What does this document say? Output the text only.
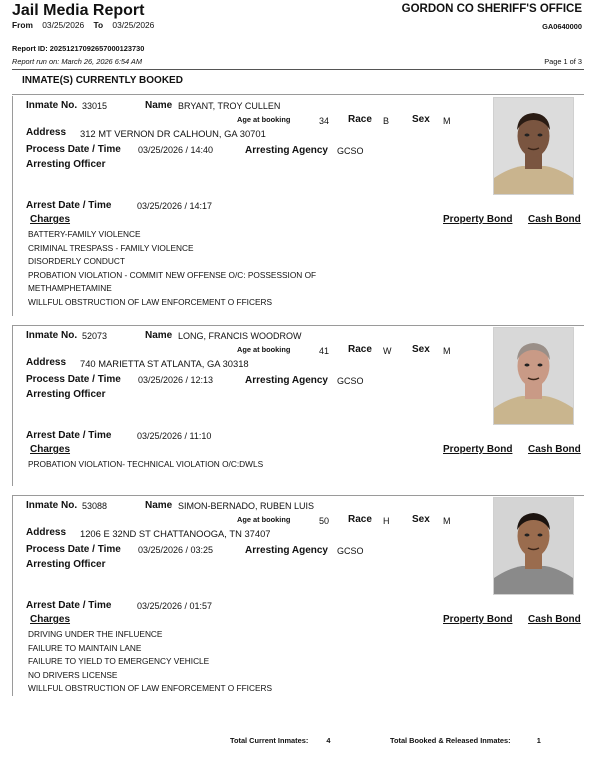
Jail Media Report	GORDON CO SHERIFF'S OFFICE
GA0640000
From 03/25/2026 To 03/25/2026
Report ID: 20251217092657000123730
Report run on: March 26, 2026 6:54 AM	Page 1 of 3
INMATE(S) CURRENTLY BOOKED
Inmate No. 33015	Name BRYANT, TROY CULLEN
Age at booking	34 Race B Sex M
Address 312 MT VERNON DR CALHOUN, GA 30701
Process Date / Time 03/25/2026 / 14:40	Arresting Agency GCSO
Arresting Officer
Arrest Date / Time	03/25/2026 / 14:17
Charges	Property Bond Cash Bond
BATTERY-FAMILY VIOLENCE
CRIMINAL TRESPASS - FAMILY VIOLENCE
DISORDERLY CONDUCT
PROBATION VIOLATION - COMMIT NEW OFFENSE O/C: POSSESSION OF
METHAMPHETAMINE
WILLFUL OBSTRUCTION OF LAW ENFORCEMENT O FFICERS
Inmate No. 52073	Name LONG, FRANCIS WOODROW
Age at booking	41 Race W Sex M
Address 740 MARIETTA ST ATLANTA, GA 30318
Process Date / Time 03/25/2026 / 12:13	Arresting Agency GCSO
Arresting Officer
Arrest Date / Time	03/25/2026 / 11:10
Charges	Property Bond Cash Bond
PROBATION VIOLATION- TECHNICAL VIOLATION O/C:DWLS
Inmate No. 53088	Name SIMON-BERNADO, RUBEN LUIS
Age at booking	50 Race H Sex M
Address 1206 E 32ND ST CHATTANOOGA, TN 37407
Process Date / Time 03/25/2026 / 03:25	Arresting Agency GCSO
Arresting Officer
Arrest Date / Time	03/25/2026 / 01:57
Charges	Property Bond Cash Bond
DRIVING UNDER THE INFLUENCE
FAILURE TO MAINTAIN LANE
FAILURE TO YIELD TO EMERGENCY VEHICLE
NO DRIVERS LICENSE
WILLFUL OBSTRUCTION OF LAW ENFORCEMENT O FFICERS
Total Current Inmates: 4	Total Booked & Released Inmates:	1
